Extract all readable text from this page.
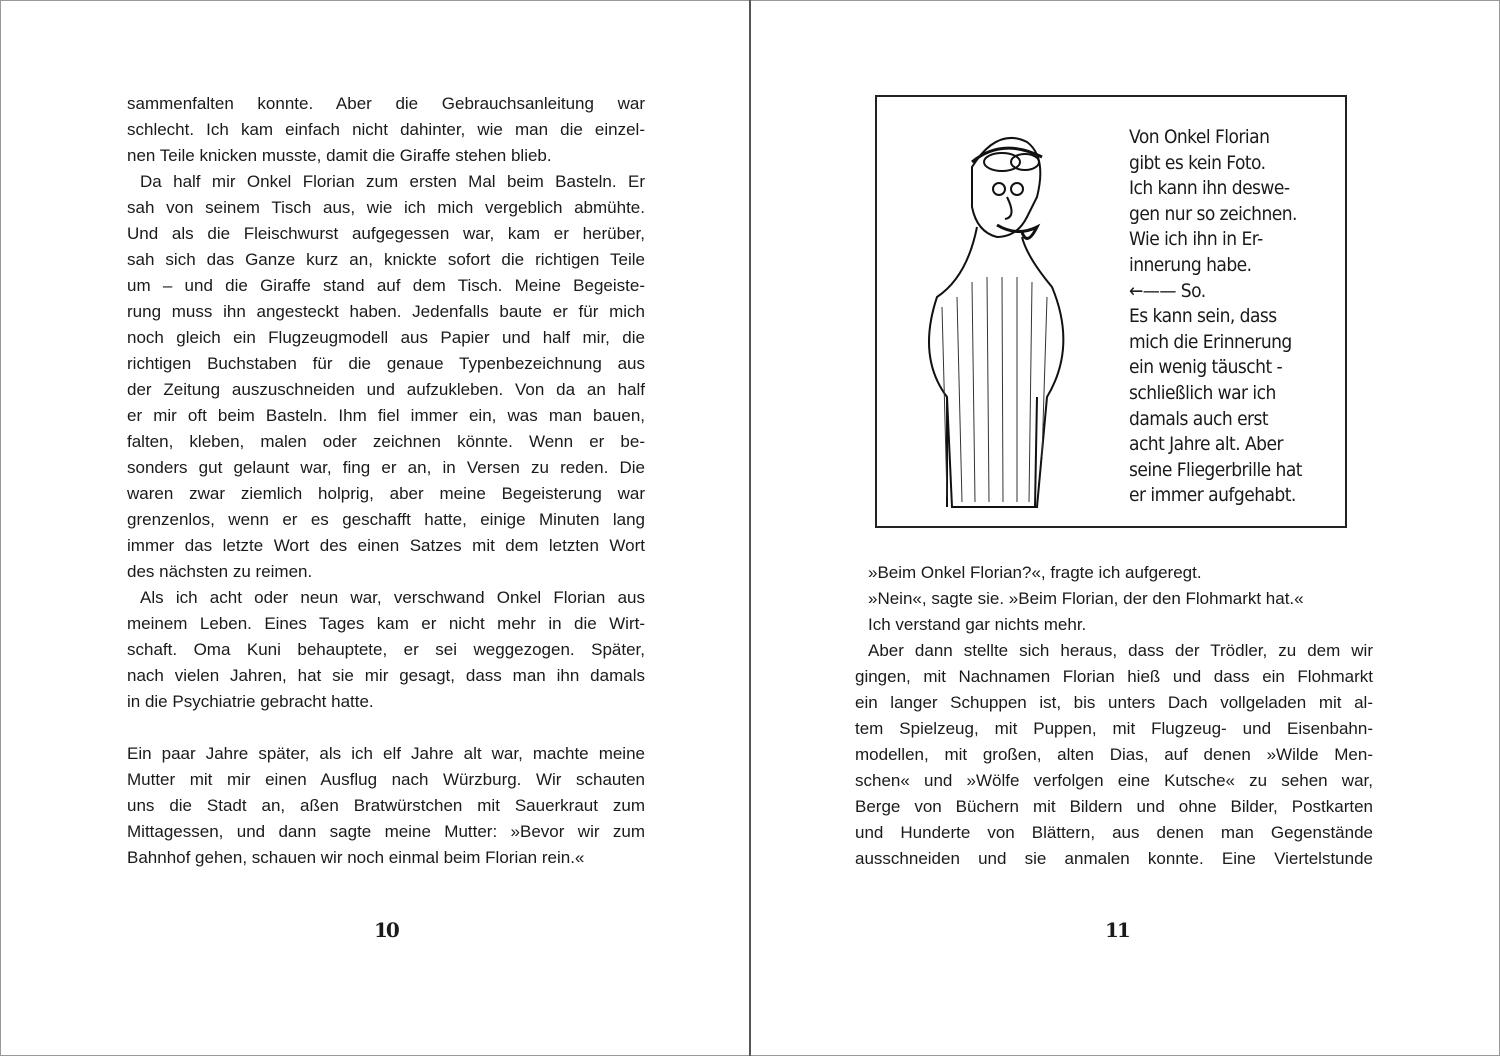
sammenfalten konnte. Aber die Gebrauchsanleitung war
schlecht. Ich kam einfach nicht dahinter, wie man die einzel-
nen Teile knicken musste, damit die Giraffe stehen blieb.
Da half mir Onkel Florian zum ersten Mal beim Basteln. Er
sah von seinem Tisch aus, wie ich mich vergeblich abmühte.
Und als die Fleischwurst aufgegessen war, kam er herüber,
sah sich das Ganze kurz an, knickte sofort die richtigen Teile
um – und die Giraffe stand auf dem Tisch. Meine Begeiste-
rung muss ihn angesteckt haben. Jedenfalls baute er für mich
noch gleich ein Flugzeugmodell aus Papier und half mir, die
richtigen Buchstaben für die genaue Typenbezeichnung aus
der Zeitung auszuschneiden und aufzukleben. Von da an half
er mir oft beim Basteln. Ihm fiel immer ein, was man bauen,
falten, kleben, malen oder zeichnen könnte. Wenn er be-
sonders gut gelaunt war, fing er an, in Versen zu reden. Die
waren zwar ziemlich holprig, aber meine Begeisterung war
grenzenlos, wenn er es geschafft hatte, einige Minuten lang
immer das letzte Wort des einen Satzes mit dem letzten Wort
des nächsten zu reimen.
Als ich acht oder neun war, verschwand Onkel Florian aus
meinem Leben. Eines Tages kam er nicht mehr in die Wirt-
schaft. Oma Kuni behauptete, er sei weggezogen. Später,
nach vielen Jahren, hat sie mir gesagt, dass man ihn damals
in die Psychiatrie gebracht hatte.
Ein paar Jahre später, als ich elf Jahre alt war, machte meine
Mutter mit mir einen Ausflug nach Würzburg. Wir schauten
uns die Stadt an, aßen Bratwürstchen mit Sauerkraut zum
Mittagessen, und dann sagte meine Mutter: »Bevor wir zum
Bahnhof gehen, schauen wir noch einmal beim Florian rein.«
10
Von Onkel Florian
gibt es kein Foto.
Ich kann ihn deswe-
gen nur so zeichnen.
Wie ich ihn in Er-
innerung habe.
←—— So.
Es kann sein, dass
mich die Erinnerung
ein wenig täuscht -
schließlich war ich
damals auch erst
acht Jahre alt. Aber
seine Fliegerbrille hat
er immer aufgehabt.
»Beim Onkel Florian?«, fragte ich aufgeregt.
»Nein«, sagte sie. »Beim Florian, der den Flohmarkt hat.«
Ich verstand gar nichts mehr.
Aber dann stellte sich heraus, dass der Trödler, zu dem wir
gingen, mit Nachnamen Florian hieß und dass ein Flohmarkt
ein langer Schuppen ist, bis unters Dach vollgeladen mit al-
tem Spielzeug, mit Puppen, mit Flugzeug- und Eisenbahn-
modellen, mit großen, alten Dias, auf denen »Wilde Men-
schen« und »Wölfe verfolgen eine Kutsche« zu sehen war,
Berge von Büchern mit Bildern und ohne Bilder, Postkarten
und Hunderte von Blättern, aus denen man Gegenstände
ausschneiden und sie anmalen konnte. Eine Viertelstunde
11
